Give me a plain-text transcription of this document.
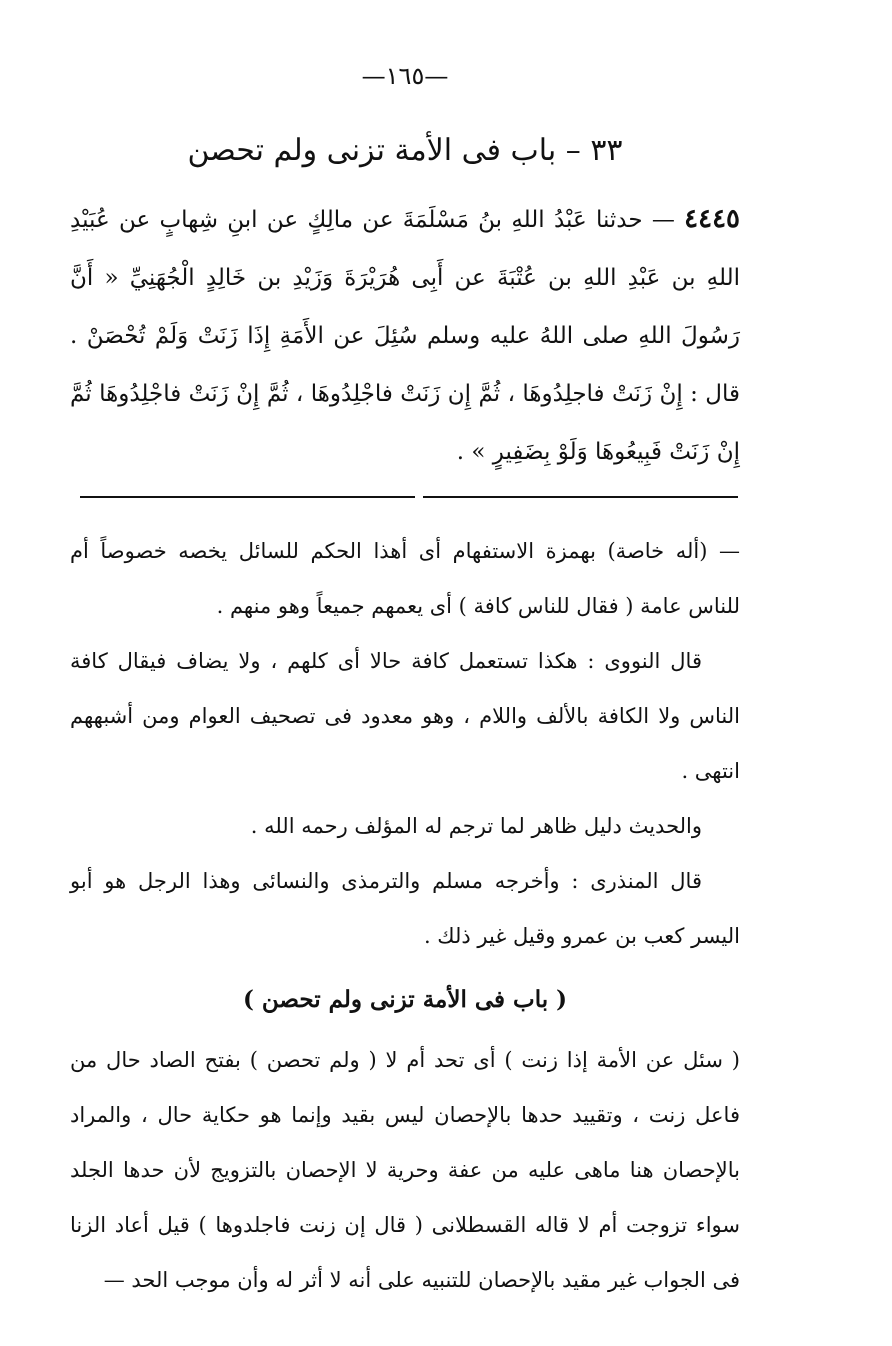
—١٦٥—
٣٣ – باب فى الأمة تزنى ولم تحصن
٤٤٤٥ — حدثنا عَبْدُ اللهِ بنُ مَسْلَمَةَ عن مالِكٍ عن ابنِ شِهابٍ عن عُبَيْدِ اللهِ بن عَبْدِ اللهِ بن عُتْبَةَ عن أَبِى هُرَيْرَةَ وَزَيْدِ بن خَالِدٍ الْجُهَنِيِّ « أَنَّ رَسُولَ اللهِ صلى اللهُ عليه وسلم سُئِلَ عن الأَمَةِ إِذَا زَنَتْ وَلَمْ تُحْصَنْ . قال : إِنْ زَنَتْ فاجلِدُوهَا ، ثُمَّ إِن زَنَتْ فاجْلِدُوهَا ، ثُمَّ إِنْ زَنَتْ فاجْلِدُوهَا ثُمَّ إِنْ زَنَتْ فَبِيعُوهَا وَلَوْ بِضَفِيرٍ » .

— (أله خاصة) بهمزة الاستفهام أى أهذا الحكم للسائل يخصه خصوصاً أم للناس عامة ( فقال للناس كافة ) أى يعمهم جميعاً وهو منهم .

قال النووى : هكذا تستعمل كافة حالا أى كلهم ، ولا يضاف فيقال كافة الناس ولا الكافة بالألف واللام ، وهو معدود فى تصحيف العوام ومن أشبههم انتهى .

والحديث دليل ظاهر لما ترجم له المؤلف رحمه الله .

قال المنذرى : وأخرجه مسلم والترمذى والنسائى وهذا الرجل هو أبو اليسر كعب بن عمرو وقيل غير ذلك .

( باب فى الأمة تزنى ولم تحصن )

( سئل عن الأمة إذا زنت ) أى تحد أم لا ( ولم تحصن ) بفتح الصاد حال من فاعل زنت ، وتقييد حدها بالإحصان ليس بقيد وإنما هو حكاية حال ، والمراد بالإحصان هنا ماهى عليه من عفة وحرية لا الإحصان بالتزويج لأن حدها الجلد سواء تزوجت أم لا قاله القسطلانى ( قال إن زنت فاجلدوها ) قيل أعاد الزنا فى الجواب غير مقيد بالإحصان للتنبيه على أنه لا أثر له وأن موجب الحد —
